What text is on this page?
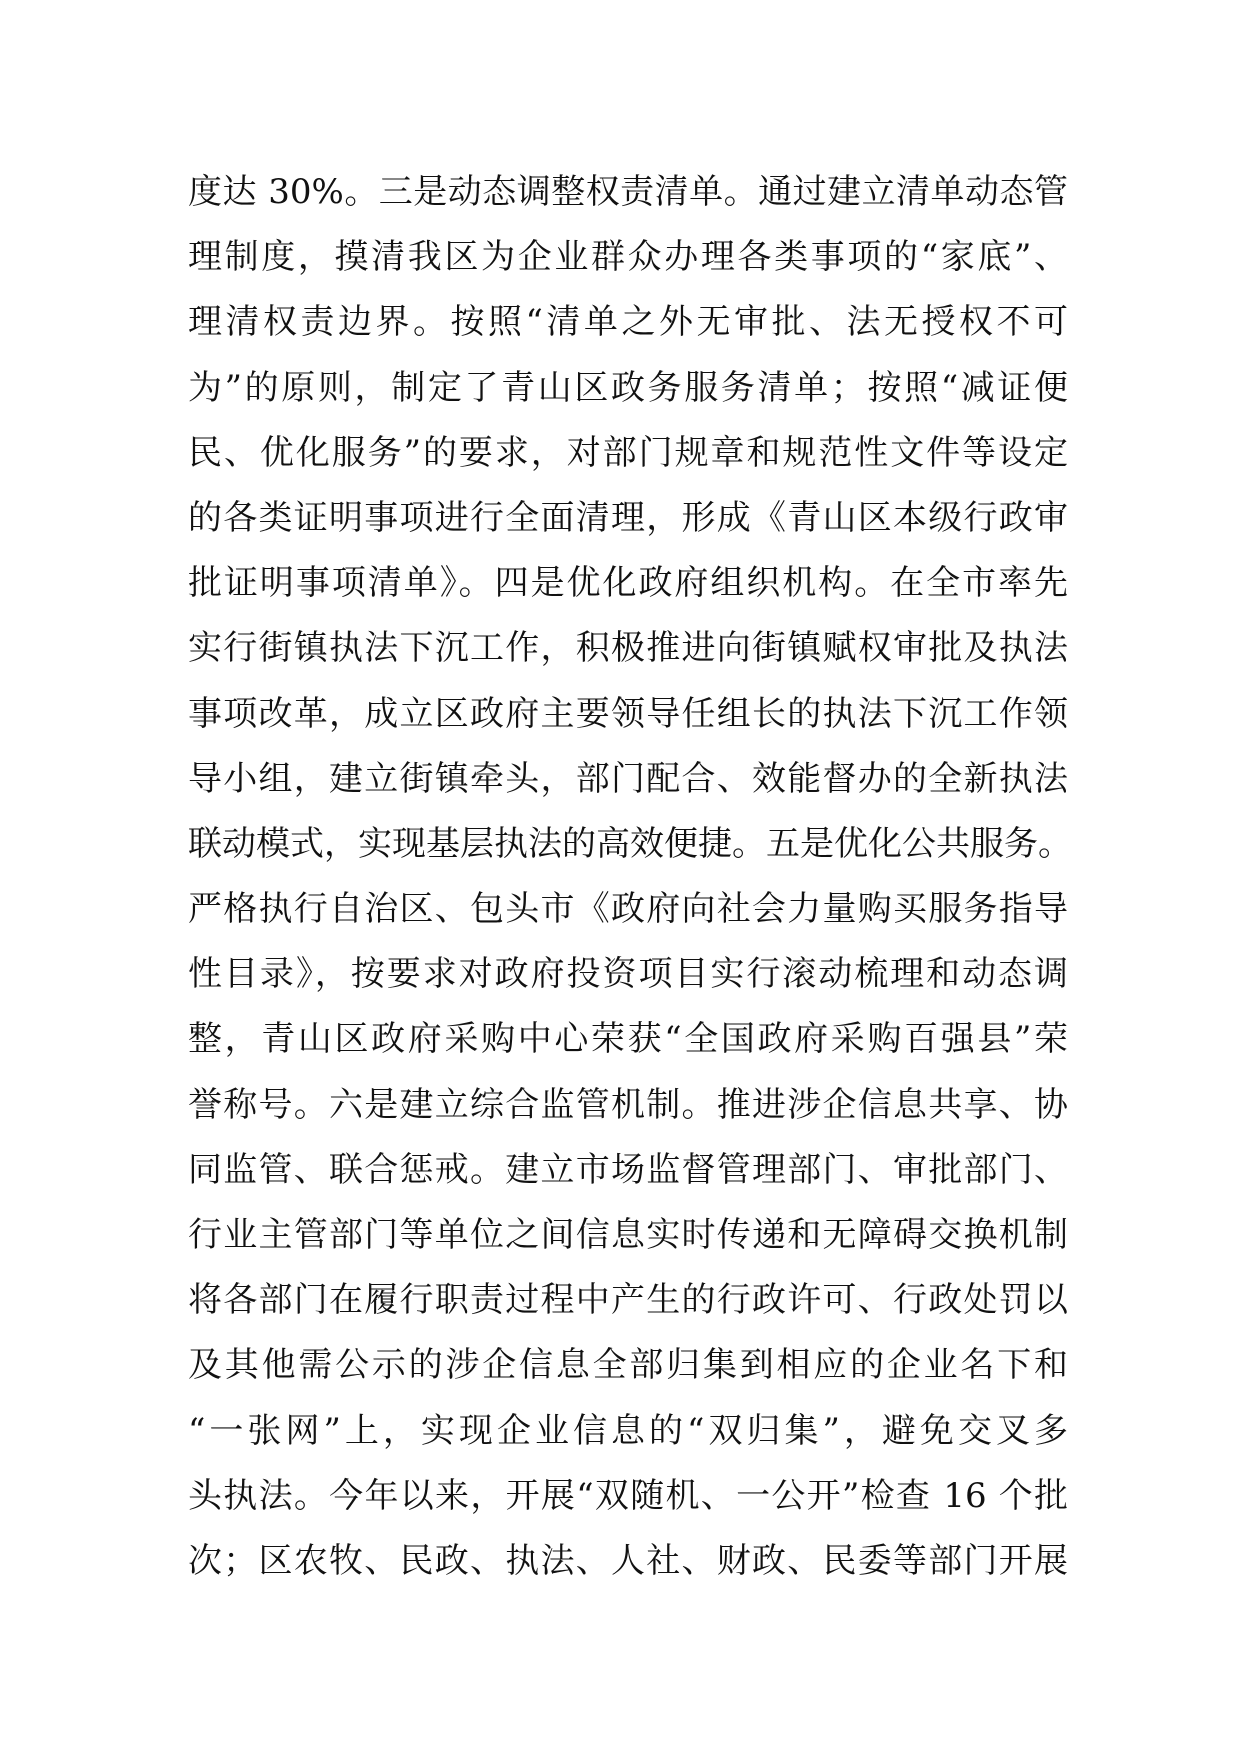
度达 30%。三是动态调整权责清单。通过建立清单动态管
理制度，摸清我区为企业群众办理各类事项的“家底”、
理清权责边界。按照“清单之外无审批、法无授权不可
为”的原则，制定了青山区政务服务清单；按照“减证便
民、优化服务”的要求，对部门规章和规范性文件等设定
的各类证明事项进行全面清理，形成《青山区本级行政审
批证明事项清单》。四是优化政府组织机构。在全市率先
实行街镇执法下沉工作，积极推进向街镇赋权审批及执法
事项改革，成立区政府主要领导任组长的执法下沉工作领
导小组，建立街镇牵头，部门配合、效能督办的全新执法
联动模式，实现基层执法的高效便捷。五是优化公共服务。
严格执行自治区、包头市《政府向社会力量购买服务指导
性目录》，按要求对政府投资项目实行滚动梳理和动态调
整，青山区政府采购中心荣获“全国政府采购百强县”荣
誉称号。六是建立综合监管机制。推进涉企信息共享、协
同监管、联合惩戒。建立市场监督管理部门、审批部门、
行业主管部门等单位之间信息实时传递和无障碍交换机制
将各部门在履行职责过程中产生的行政许可、行政处罚以
及其他需公示的涉企信息全部归集到相应的企业名下和
“一张网”上，实现企业信息的“双归集”，避免交叉多
头执法。今年以来，开展“双随机、一公开”检查 16 个批
次；区农牧、民政、执法、人社、财政、民委等部门开展
